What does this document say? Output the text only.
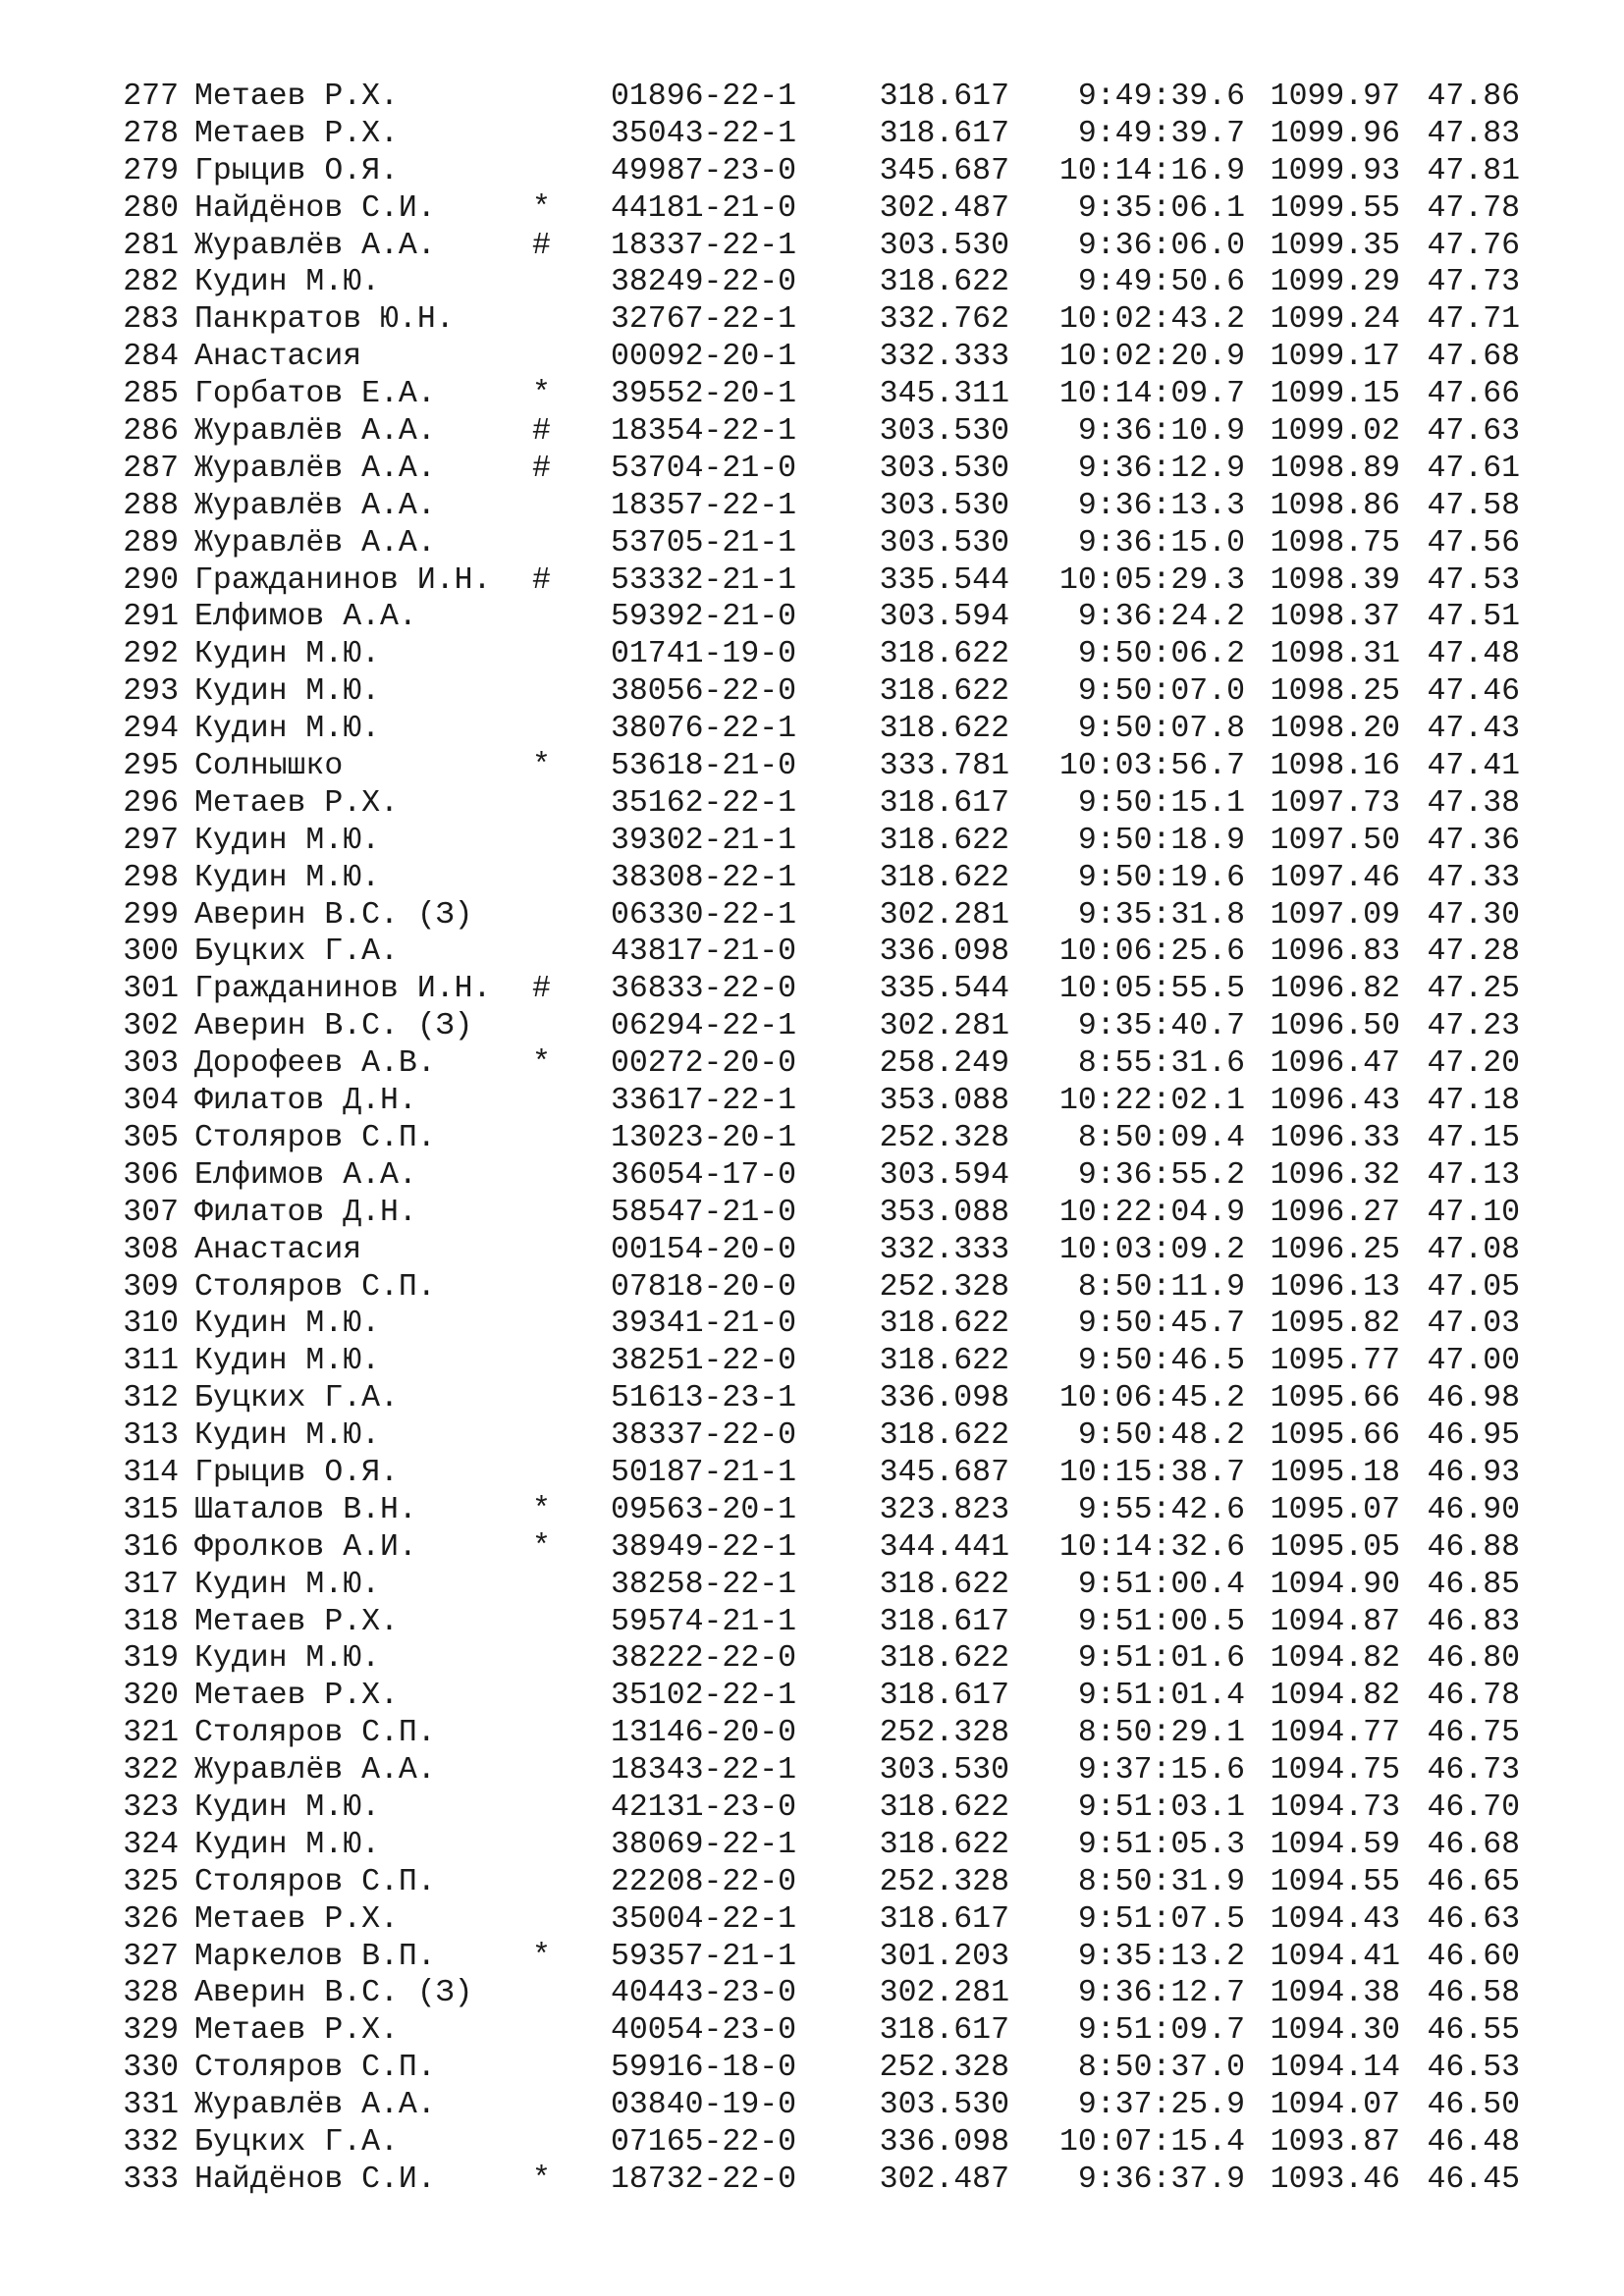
277 Метаев Р.Х.	01896-22-1	318.617	9:49:39.6 1099.97 47.86
278 Метаев Р.Х.	35043-22-1	318.617	9:49:39.7 1099.96 47.83
279 Грыцив О.Я.	49987-23-0	345.687	10:14:16.9 1099.93 47.81
280 Найдёнов С.И.	* 44181-21-0	302.487	9:35:06.1 1099.55 47.78
281 Журавлёв А.А.	# 18337-22-1	303.530	9:36:06.0 1099.35 47.76
282 Кудин М.Ю.	38249-22-0	318.622	9:49:50.6 1099.29 47.73
283 Панкратов Ю.Н.	32767-22-1	332.762	10:02:43.2 1099.24 47.71
284 Анастасия	00092-20-1	332.333	10:02:20.9 1099.17 47.68
285 Горбатов Е.А.	* 39552-20-1	345.311	10:14:09.7 1099.15 47.66
286 Журавлёв А.А.	# 18354-22-1	303.530	9:36:10.9 1099.02 47.63
287 Журавлёв А.А.	# 53704-21-0	303.530	9:36:12.9 1098.89 47.61
288 Журавлёв А.А.	18357-22-1	303.530	9:36:13.3 1098.86 47.58
289 Журавлёв А.А.	53705-21-1	303.530	9:36:15.0 1098.75 47.56
290 Гражданинов И.Н. # 53332-21-1	335.544	10:05:29.3 1098.39 47.53
291 Елфимов А.А.	59392-21-0	303.594	9:36:24.2 1098.37 47.51
292 Кудин М.Ю.	01741-19-0	318.622	9:50:06.2 1098.31 47.48
293 Кудин М.Ю.	38056-22-0	318.622	9:50:07.0 1098.25 47.46
294 Кудин М.Ю.	38076-22-1	318.622	9:50:07.8 1098.20 47.43
295 Солнышко	* 53618-21-0	333.781	10:03:56.7 1098.16 47.41
296 Метаев Р.Х.	35162-22-1	318.617	9:50:15.1 1097.73 47.38
297 Кудин М.Ю.	39302-21-1	318.622	9:50:18.9 1097.50 47.36
298 Кудин М.Ю.	38308-22-1	318.622	9:50:19.6 1097.46 47.33
299 Аверин В.С. (З)	06330-22-1	302.281	9:35:31.8 1097.09 47.30
300 Буцких Г.А.	43817-21-0	336.098	10:06:25.6 1096.83 47.28
301 Гражданинов И.Н. # 36833-22-0	335.544	10:05:55.5 1096.82 47.25
302 Аверин В.С. (З)	06294-22-1	302.281	9:35:40.7 1096.50 47.23
303 Дорофеев А.В.	* 00272-20-0	258.249	8:55:31.6 1096.47 47.20
304 Филатов Д.Н.	33617-22-1	353.088	10:22:02.1 1096.43 47.18
305 Столяров С.П.	13023-20-1	252.328	8:50:09.4 1096.33 47.15
306 Елфимов А.А.	36054-17-0	303.594	9:36:55.2 1096.32 47.13
307 Филатов Д.Н.	58547-21-0	353.088	10:22:04.9 1096.27 47.10
308 Анастасия	00154-20-0	332.333	10:03:09.2 1096.25 47.08
309 Столяров С.П.	07818-20-0	252.328	8:50:11.9 1096.13 47.05
310 Кудин М.Ю.	39341-21-0	318.622	9:50:45.7 1095.82 47.03
311 Кудин М.Ю.	38251-22-0	318.622	9:50:46.5 1095.77 47.00
312 Буцких Г.А.	51613-23-1	336.098	10:06:45.2 1095.66 46.98
313 Кудин М.Ю.	38337-22-0	318.622	9:50:48.2 1095.66 46.95
314 Грыцив О.Я.	50187-21-1	345.687	10:15:38.7 1095.18 46.93
315 Шаталов В.Н.	* 09563-20-1	323.823	9:55:42.6 1095.07 46.90
316 Фролков А.И.	* 38949-22-1	344.441	10:14:32.6 1095.05 46.88
317 Кудин М.Ю.	38258-22-1	318.622	9:51:00.4 1094.90 46.85
318 Метаев Р.Х.	59574-21-1	318.617	9:51:00.5 1094.87 46.83
319 Кудин М.Ю.	38222-22-0	318.622	9:51:01.6 1094.82 46.80
320 Метаев Р.Х.	35102-22-1	318.617	9:51:01.4 1094.82 46.78
321 Столяров С.П.	13146-20-0	252.328	8:50:29.1 1094.77 46.75
322 Журавлёв А.А.	18343-22-1	303.530	9:37:15.6 1094.75 46.73
323 Кудин М.Ю.	42131-23-0	318.622	9:51:03.1 1094.73 46.70
324 Кудин М.Ю.	38069-22-1	318.622	9:51:05.3 1094.59 46.68
325 Столяров С.П.	22208-22-0	252.328	8:50:31.9 1094.55 46.65
326 Метаев Р.Х.	35004-22-1	318.617	9:51:07.5 1094.43 46.63
327 Маркелов В.П.	* 59357-21-1	301.203	9:35:13.2 1094.41 46.60
328 Аверин В.С. (З)	40443-23-0	302.281	9:36:12.7 1094.38 46.58
329 Метаев Р.Х.	40054-23-0	318.617	9:51:09.7 1094.30 46.55
330 Столяров С.П.	59916-18-0	252.328	8:50:37.0 1094.14 46.53
331 Журавлёв А.А.	03840-19-0	303.530	9:37:25.9 1094.07 46.50
332 Буцких Г.А.	07165-22-0	336.098	10:07:15.4 1093.87 46.48
333 Найдёнов С.И.	* 18732-22-0	302.487	9:36:37.9 1093.46 46.45
